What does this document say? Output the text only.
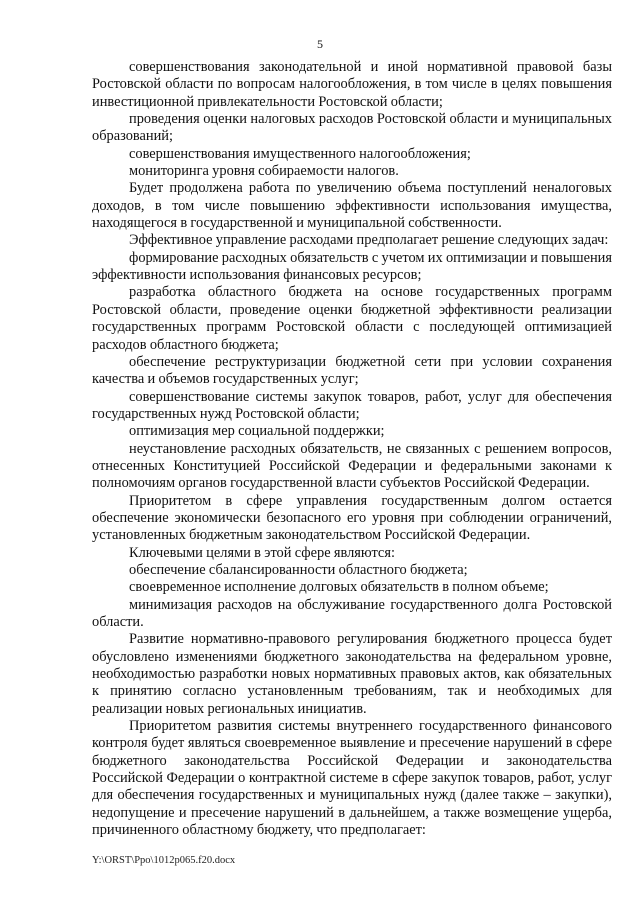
5

совершенствования законодательной и иной нормативной правовой базы Ростовской области по вопросам налогообложения, в том числе в целях повышения инвестиционной привлекательности Ростовской области;

проведения оценки налоговых расходов Ростовской области и муниципальных образований;

совершенствования имущественного налогообложения;

мониторинга уровня собираемости налогов.

Будет продолжена работа по увеличению объема поступлений неналоговых доходов, в том числе повышению эффективности использования имущества, находящегося в государственной и муниципальной собственности.

Эффективное управление расходами предполагает решение следующих задач:

формирование расходных обязательств с учетом их оптимизации и повышения эффективности использования финансовых ресурсов;

разработка областного бюджета на основе государственных программ Ростовской области, проведение оценки бюджетной эффективности реализации государственных программ Ростовской области с последующей оптимизацией расходов областного бюджета;

обеспечение реструктуризации бюджетной сети при условии сохранения качества и объемов государственных услуг;

совершенствование системы закупок товаров, работ, услуг для обеспечения государственных нужд Ростовской области;

оптимизация мер социальной поддержки;

неустановление расходных обязательств, не связанных с решением вопросов, отнесенных Конституцией Российской Федерации и федеральными законами к полномочиям органов государственной власти субъектов Российской Федерации.

Приоритетом в сфере управления государственным долгом остается обеспечение экономически безопасного его уровня при соблюдении ограничений, установленных бюджетным законодательством Российской Федерации.

Ключевыми целями в этой сфере являются:

обеспечение сбалансированности областного бюджета;

своевременное исполнение долговых обязательств в полном объеме;

минимизация расходов на обслуживание государственного долга Ростовской области.

Развитие нормативно-правового регулирования бюджетного процесса будет обусловлено изменениями бюджетного законодательства на федеральном уровне, необходимостью разработки новых нормативных правовых актов, как обязательных к принятию согласно установленным требованиям, так и необходимых для реализации новых региональных инициатив.

Приоритетом развития системы внутреннего государственного финансового контроля будет являться своевременное выявление и пресечение нарушений в сфере бюджетного законодательства Российской Федерации и законодательства Российской Федерации о контрактной системе в сфере закупок товаров, работ, услуг для обеспечения государственных и муниципальных нужд (далее также – закупки), недопущение и пресечение нарушений в дальнейшем, а также возмещение ущерба, причиненного областному бюджету, что предполагает:

Y:\ORST\Ppo\1012p065.f20.docx
